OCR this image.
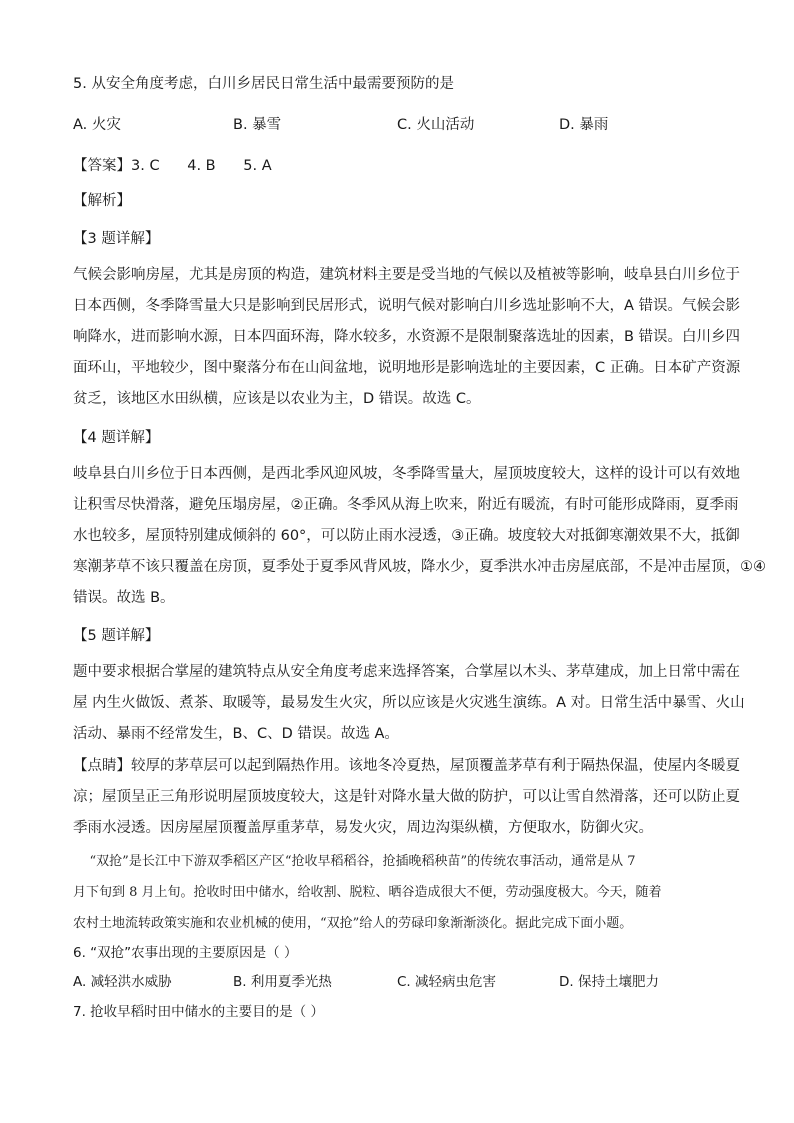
5. 从安全角度考虑，白川乡居民日常生活中最需要预防的是
A. 火灾	B. 暴雪	C. 火山活动	D. 暴雨
【答案】3. C      4. B      5. A
【解析】
【3 题详解】
气候会影响房屋，尤其是房顶的构造，建筑材料主要是受当地的气候以及植被等影响，岐阜县白川乡位于
日本西侧，冬季降雪量大只是影响到民居形式，说明气候对影响白川乡选址影响不大，A 错误。气候会影
响降水，进而影响水源，日本四面环海，降水较多，水资源不是限制聚落选址的因素，B 错误。白川乡四
面环山，平地较少，图中聚落分布在山间盆地，说明地形是影响选址的主要因素，C 正确。日本矿产资源
贫乏，该地区水田纵横，应该是以农业为主，D 错误。故选 C。
【4 题详解】
岐阜县白川乡位于日本西侧，是西北季风迎风坡，冬季降雪量大，屋顶坡度较大，这样的设计可以有效地
让积雪尽快滑落，避免压塌房屋，②正确。冬季风从海上吹来，附近有暖流，有时可能形成降雨，夏季雨
水也较多，屋顶特别建成倾斜的 60°，可以防止雨水浸透，③正确。坡度较大对抵御寒潮效果不大，抵御
寒潮茅草不该只覆盖在房顶，夏季处于夏季风背风坡，降水少，夏季洪水冲击房屋底部，不是冲击屋顶，①④
错误。故选 B。
【5 题详解】
题中要求根据合掌屋的建筑特点从安全角度考虑来选择答案，合掌屋以木头、茅草建成，加上日常中需在
屋 内生火做饭、煮茶、取暖等，最易发生火灾，所以应该是火灾逃生演练。A 对。日常生活中暴雪、火山
活动、暴雨不经常发生，B、C、D 错误。故选 A。
【点睛】较厚的茅草层可以起到隔热作用。该地冬冷夏热，屋顶覆盖茅草有利于隔热保温，使屋内冬暖夏
凉；屋顶呈正三角形说明屋顶坡度较大，这是针对降水量大做的防护，可以让雪自然滑落，还可以防止夏
季雨水浸透。因房屋屋顶覆盖厚重茅草，易发火灾，周边沟渠纵横，方便取水，防御火灾。
“双抢”是长江中下游双季稻区产区“抢收早稻稻谷，抢插晚稻秧苗”的传统农事活动，通常是从 7
月下旬到 8 月上旬。抢收时田中储水，给收割、脱粒、晒谷造成很大不便，劳动强度极大。今天，随着
农村土地流转政策实施和农业机械的使用，“双抢”给人的劳碌印象渐渐淡化。据此完成下面小题。
6. “双抢”农事出现的主要原因是（ ）
A. 减轻洪水威胁	B. 利用夏季光热	C. 减轻病虫危害	D. 保持土壤肥力
7. 抢收早稻时田中储水的主要目的是（ ）
